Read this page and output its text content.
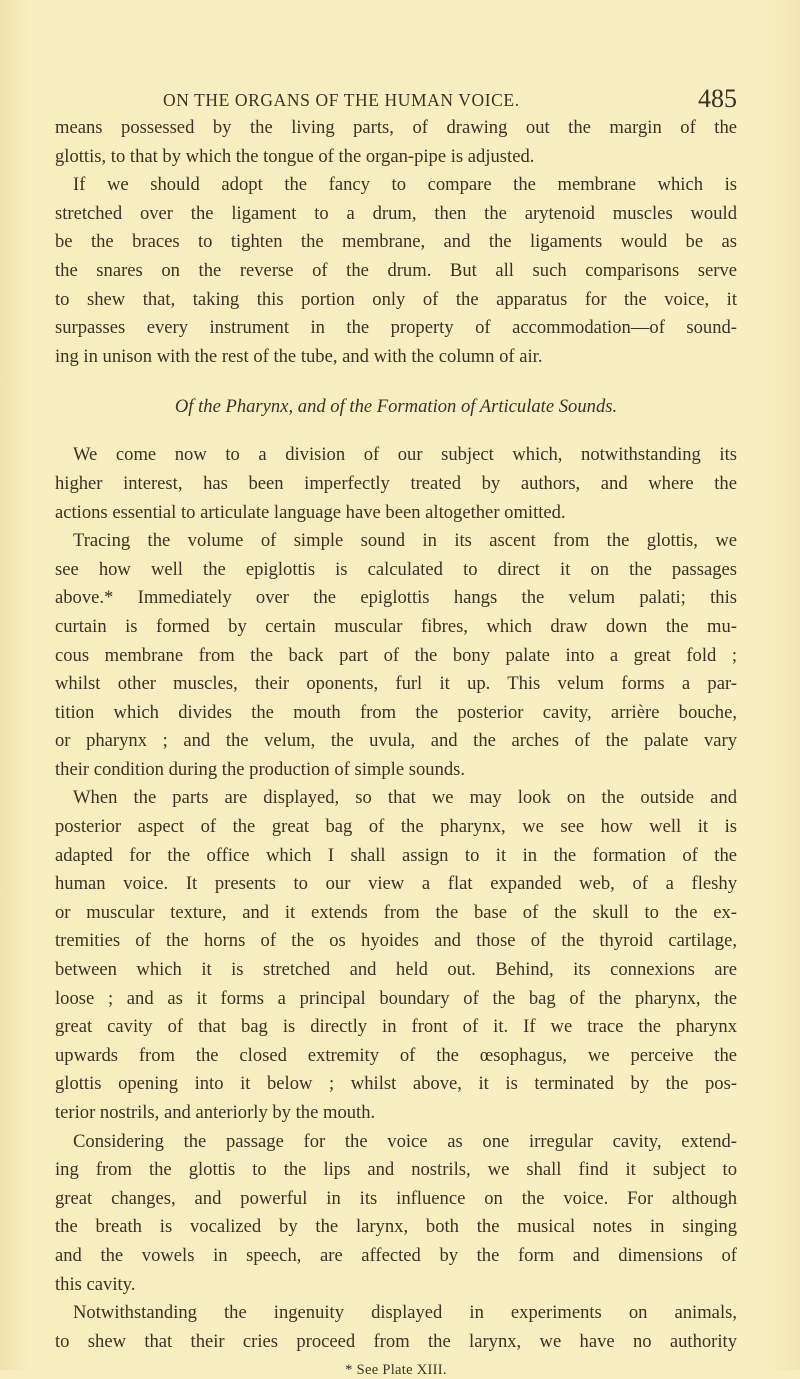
ON THE ORGANS OF THE HUMAN VOICE.	485
means possessed by the living parts, of drawing out the margin of the
glottis, to that by which the tongue of the organ-pipe is adjusted.
If we should adopt the fancy to compare the membrane which is
stretched over the ligament to a drum, then the arytenoid muscles would
be the braces to tighten the membrane, and the ligaments would be as
the snares on the reverse of the drum. But all such comparisons serve
to shew that, taking this portion only of the apparatus for the voice, it
surpasses every instrument in the property of accommodation—of sound-
ing in unison with the rest of the tube, and with the column of air.
Of the Pharynx, and of the Formation of Articulate Sounds.
We come now to a division of our subject which, notwithstanding its
higher interest, has been imperfectly treated by authors, and where the
actions essential to articulate language have been altogether omitted.
Tracing the volume of simple sound in its ascent from the glottis, we
see how well the epiglottis is calculated to direct it on the passages
above.* Immediately over the epiglottis hangs the velum palati; this
curtain is formed by certain muscular fibres, which draw down the mu-
cous membrane from the back part of the bony palate into a great fold ;
whilst other muscles, their oponents, furl it up. This velum forms a par-
tition which divides the mouth from the posterior cavity, arrière bouche,
or pharynx ; and the velum, the uvula, and the arches of the palate vary
their condition during the production of simple sounds.
When the parts are displayed, so that we may look on the outside and
posterior aspect of the great bag of the pharynx, we see how well it is
adapted for the office which I shall assign to it in the formation of the
human voice. It presents to our view a flat expanded web, of a fleshy
or muscular texture, and it extends from the base of the skull to the ex-
tremities of the horns of the os hyoides and those of the thyroid cartilage,
between which it is stretched and held out. Behind, its connexions are
loose ; and as it forms a principal boundary of the bag of the pharynx, the
great cavity of that bag is directly in front of it. If we trace the pharynx
upwards from the closed extremity of the œsophagus, we perceive the
glottis opening into it below ; whilst above, it is terminated by the pos-
terior nostrils, and anteriorly by the mouth.
Considering the passage for the voice as one irregular cavity, extend-
ing from the glottis to the lips and nostrils, we shall find it subject to
great changes, and powerful in its influence on the voice. For although
the breath is vocalized by the larynx, both the musical notes in singing
and the vowels in speech, are affected by the form and dimensions of
this cavity.
Notwithstanding the ingenuity displayed in experiments on animals,
to shew that their cries proceed from the larynx, we have no authority
* See Plate XIII.
